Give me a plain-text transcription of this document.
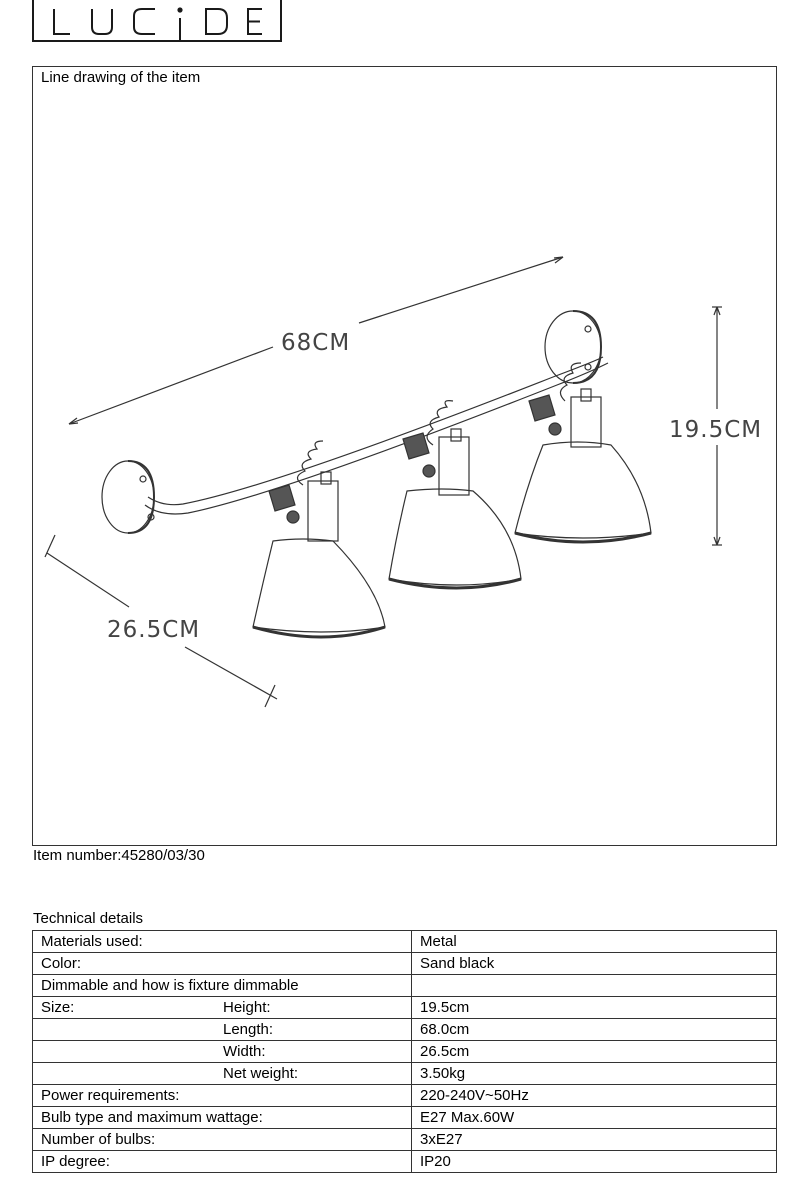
Line drawing of the item
68CM
19.5CM
26.5CM
Item number:45280/03/30
Technical details
Materials used:	Metal
Color:	Sand black
Dimmable and how is fixture dimmable	
Size: Height:	19.5cm
Length:	68.0cm
Width:	26.5cm
Net weight:	3.50kg
Power requirements:	220-240V~50Hz
Bulb type and maximum wattage:	E27 Max.60W
Number of bulbs:	3xE27
IP degree:	IP20
